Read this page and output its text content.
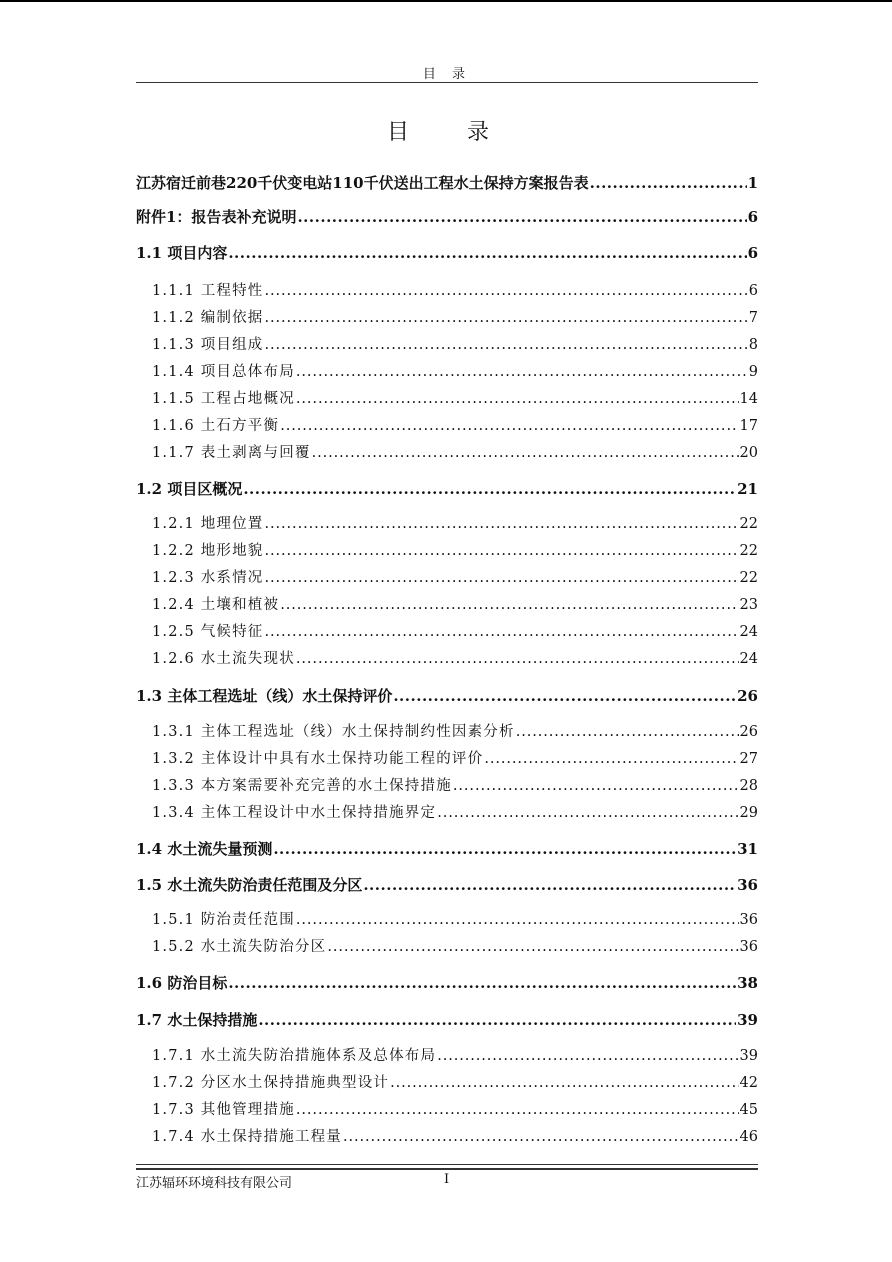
目 录
目　录
江苏宿迁前巷220千伏变电站110千伏送出工程水土保持方案报告表 .....	1
附件1：报告表补充说明 .....	6
1.1 项目内容 .....	6
1.1.1 工程特性 .....	6
1.1.2 编制依据 .....	7
1.1.3 项目组成 .....	8
1.1.4 项目总体布局 .....	9
1.1.5 工程占地概况 .....	14
1.1.6 土石方平衡 .....	17
1.1.7 表土剥离与回覆 .....	20
1.2 项目区概况 .....	21
1.2.1 地理位置 .....	22
1.2.2 地形地貌 .....	22
1.2.3 水系情况 .....	22
1.2.4 土壤和植被 .....	23
1.2.5 气候特征 .....	24
1.2.6 水土流失现状 .....	24
1.3 主体工程选址（线）水土保持评价 .....	26
1.3.1 主体工程选址（线）水土保持制约性因素分析 .....	26
1.3.2 主体设计中具有水土保持功能工程的评价 .....	27
1.3.3 本方案需要补充完善的水土保持措施 .....	28
1.3.4 主体工程设计中水土保持措施界定 .....	29
1.4 水土流失量预测 .....	31
1.5 水土流失防治责任范围及分区 .....	36
1.5.1 防治责任范围 .....	36
1.5.2 水土流失防治分区 .....	36
1.6 防治目标 .....	38
1.7 水土保持措施 .....	39
1.7.1 水土流失防治措施体系及总体布局 .....	39
1.7.2 分区水土保持措施典型设计 .....	42
1.7.3 其他管理措施 .....	45
1.7.4 水土保持措施工程量 .....	46
江苏辐环环境科技有限公司	I
